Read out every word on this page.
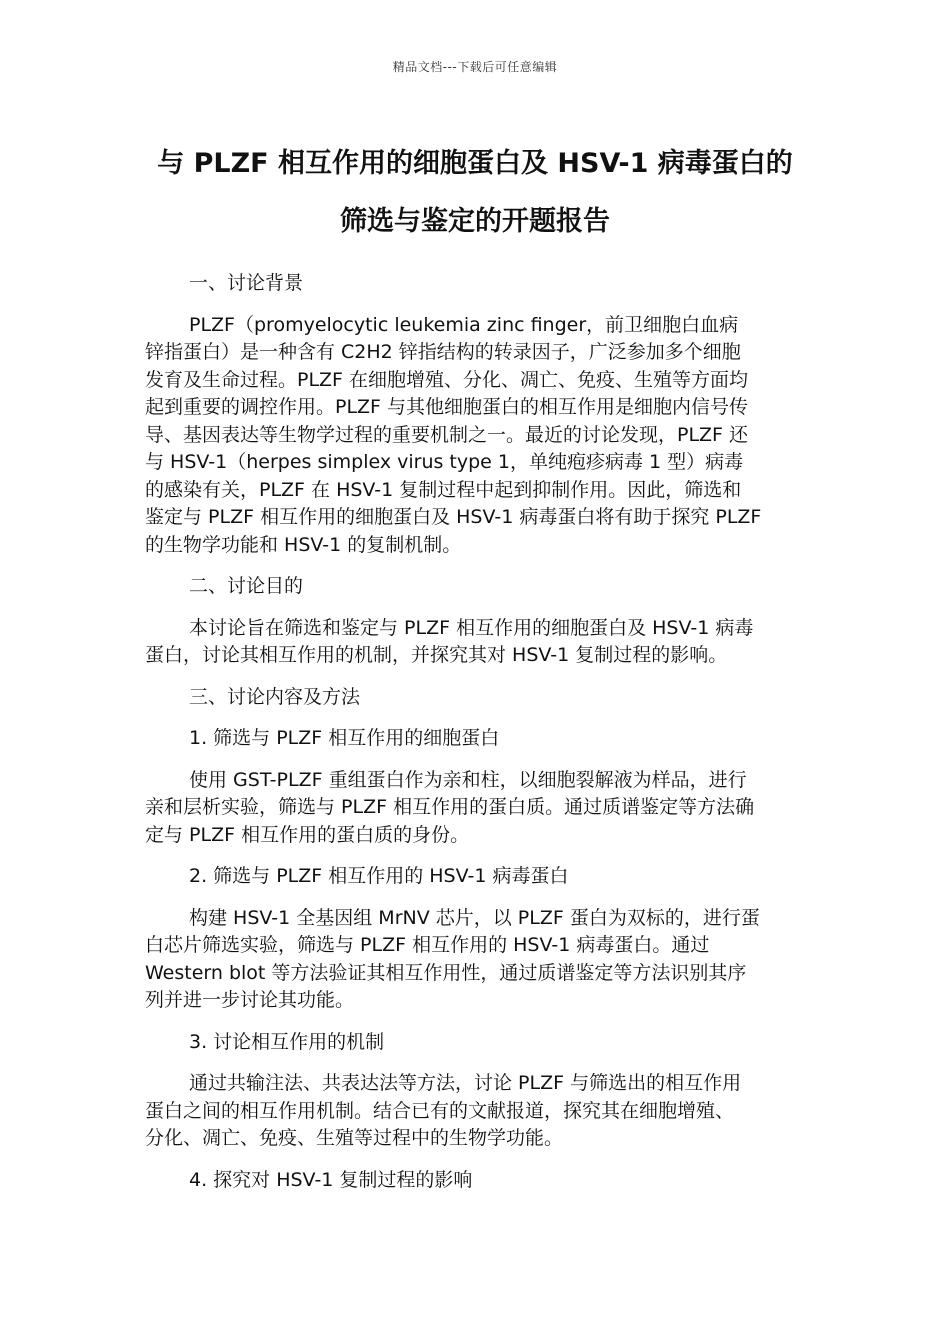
精品文档---下载后可任意编辑
与 PLZF 相互作用的细胞蛋白及 HSV-1 病毒蛋白的
筛选与鉴定的开题报告
一、讨论背景
PLZF（promyelocytic leukemia zinc finger，前卫细胞白血病
锌指蛋白）是一种含有 C2H2 锌指结构的转录因子，广泛参加多个细胞
发育及生命过程。PLZF 在细胞增殖、分化、凋亡、免疫、生殖等方面均
起到重要的调控作用。PLZF 与其他细胞蛋白的相互作用是细胞内信号传
导、基因表达等生物学过程的重要机制之一。最近的讨论发现，PLZF 还
与 HSV-1（herpes simplex virus type 1，单纯疱疹病毒 1 型）病毒
的感染有关，PLZF 在 HSV-1 复制过程中起到抑制作用。因此，筛选和
鉴定与 PLZF 相互作用的细胞蛋白及 HSV-1 病毒蛋白将有助于探究 PLZF
的生物学功能和 HSV-1 的复制机制。
二、讨论目的
本讨论旨在筛选和鉴定与 PLZF 相互作用的细胞蛋白及 HSV-1 病毒
蛋白，讨论其相互作用的机制，并探究其对 HSV-1 复制过程的影响。
三、讨论内容及方法
1. 筛选与 PLZF 相互作用的细胞蛋白
使用 GST-PLZF 重组蛋白作为亲和柱，以细胞裂解液为样品，进行
亲和层析实验，筛选与 PLZF 相互作用的蛋白质。通过质谱鉴定等方法确
定与 PLZF 相互作用的蛋白质的身份。
2. 筛选与 PLZF 相互作用的 HSV-1 病毒蛋白
构建 HSV-1 全基因组 MrNV 芯片，以 PLZF 蛋白为双标的，进行蛋
白芯片筛选实验，筛选与 PLZF 相互作用的 HSV-1 病毒蛋白。通过
Western blot 等方法验证其相互作用性，通过质谱鉴定等方法识别其序
列并进一步讨论其功能。
3. 讨论相互作用的机制
通过共输注法、共表达法等方法，讨论 PLZF 与筛选出的相互作用
蛋白之间的相互作用机制。结合已有的文献报道，探究其在细胞增殖、
分化、凋亡、免疫、生殖等过程中的生物学功能。
4. 探究对 HSV-1 复制过程的影响
